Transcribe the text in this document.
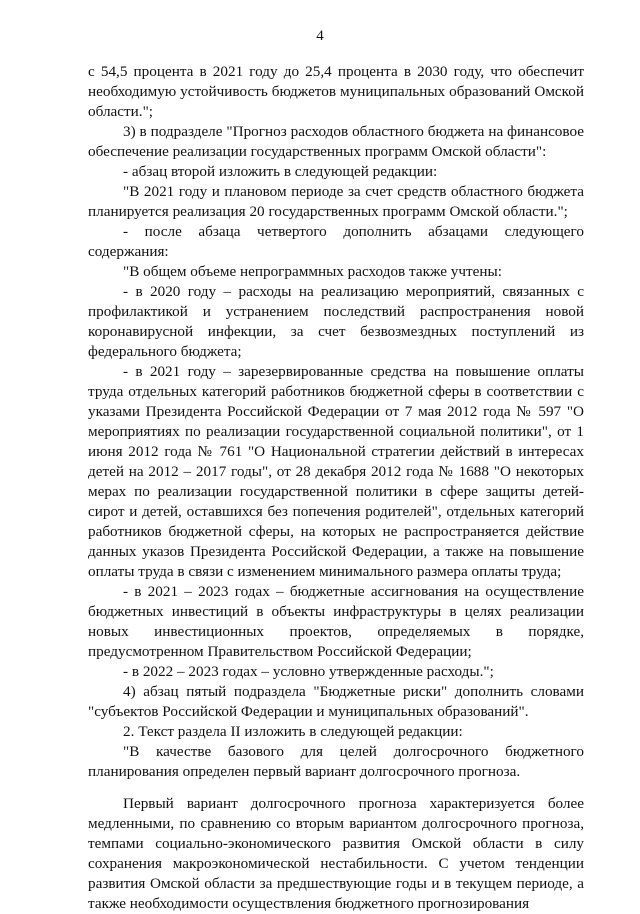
4

с 54,5 процента в 2021 году до 25,4 процента в 2030 году, что обеспечит необходимую устойчивость бюджетов муниципальных образований Омской области.";

3) в подразделе "Прогноз расходов областного бюджета на финансовое обеспечение реализации государственных программ Омской области":

- абзац второй изложить в следующей редакции:

"В 2021 году и плановом периоде за счет средств областного бюджета планируется реализация 20 государственных программ Омской области.";

- после абзаца четвертого дополнить абзацами следующего содержания:

"В общем объеме непрограммных расходов также учтены:

- в 2020 году – расходы на реализацию мероприятий, связанных с профилактикой и устранением последствий распространения новой коронавирусной инфекции, за счет безвозмездных поступлений из федерального бюджета;

- в 2021 году – зарезервированные средства на повышение оплаты труда отдельных категорий работников бюджетной сферы в соответствии с указами Президента Российской Федерации от 7 мая 2012 года № 597 "О мероприятиях по реализации государственной социальной политики", от 1 июня 2012 года № 761 "О Национальной стратегии действий в интересах детей на 2012 – 2017 годы", от 28 декабря 2012 года № 1688 "О некоторых мерах по реализации государственной политики в сфере защиты детей-сирот и детей, оставшихся без попечения родителей", отдельных категорий работников бюджетной сферы, на которых не распространяется действие данных указов Президента Российской Федерации, а также на повышение оплаты труда в связи с изменением минимального размера оплаты труда;

- в 2021 – 2023 годах – бюджетные ассигнования на осуществление бюджетных инвестиций в объекты инфраструктуры в целях реализации новых инвестиционных проектов, определяемых в порядке, предусмотренном Правительством Российской Федерации;

- в 2022 – 2023 годах – условно утвержденные расходы.";

4) абзац пятый подраздела "Бюджетные риски" дополнить словами "субъектов Российской Федерации и муниципальных образований".

2. Текст раздела II изложить в следующей редакции:

"В качестве базового для целей долгосрочного бюджетного планирования определен первый вариант долгосрочного прогноза.

Первый вариант долгосрочного прогноза характеризуется более медленными, по сравнению со вторым вариантом долгосрочного прогноза, темпами социально-экономического развития Омской области в силу сохранения макроэкономической нестабильности. С учетом тенденции развития Омской области за предшествующие годы и в текущем периоде, а также необходимости осуществления бюджетного прогнозирования
